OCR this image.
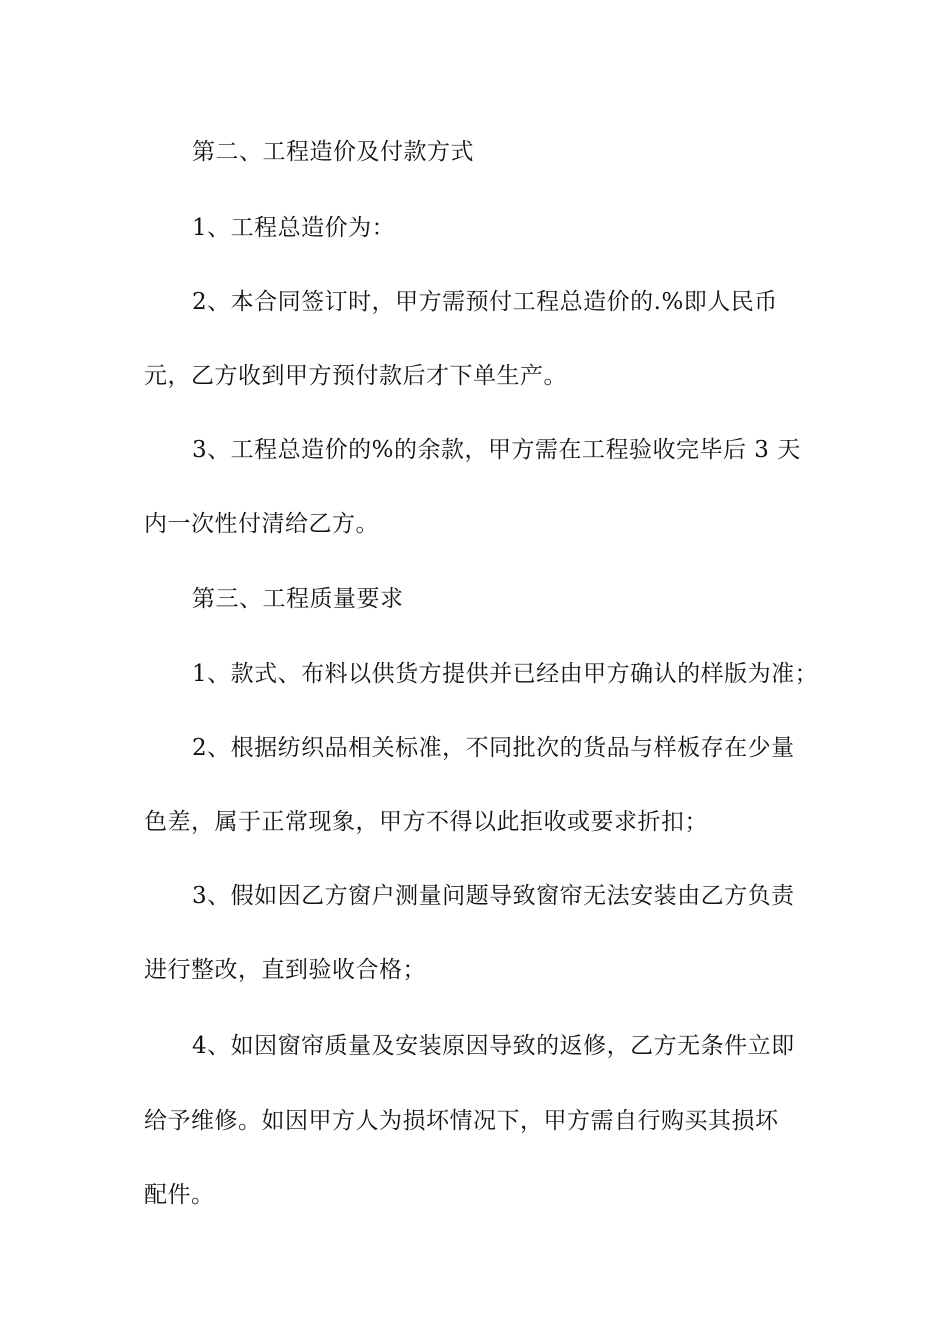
第二、工程造价及付款方式
1、工程总造价为：
2、本合同签订时，甲方需预付工程总造价的.%即人民币
元，乙方收到甲方预付款后才下单生产。
3、工程总造价的%的余款，甲方需在工程验收完毕后 3 天
内一次性付清给乙方。
第三、工程质量要求
1、款式、布料以供货方提供并已经由甲方确认的样版为准；
2、根据纺织品相关标准，不同批次的货品与样板存在少量
色差，属于正常现象，甲方不得以此拒收或要求折扣；
3、假如因乙方窗户测量问题导致窗帘无法安装由乙方负责
进行整改，直到验收合格；
4、如因窗帘质量及安装原因导致的返修，乙方无条件立即
给予维修。如因甲方人为损坏情况下，甲方需自行购买其损坏
配件。
